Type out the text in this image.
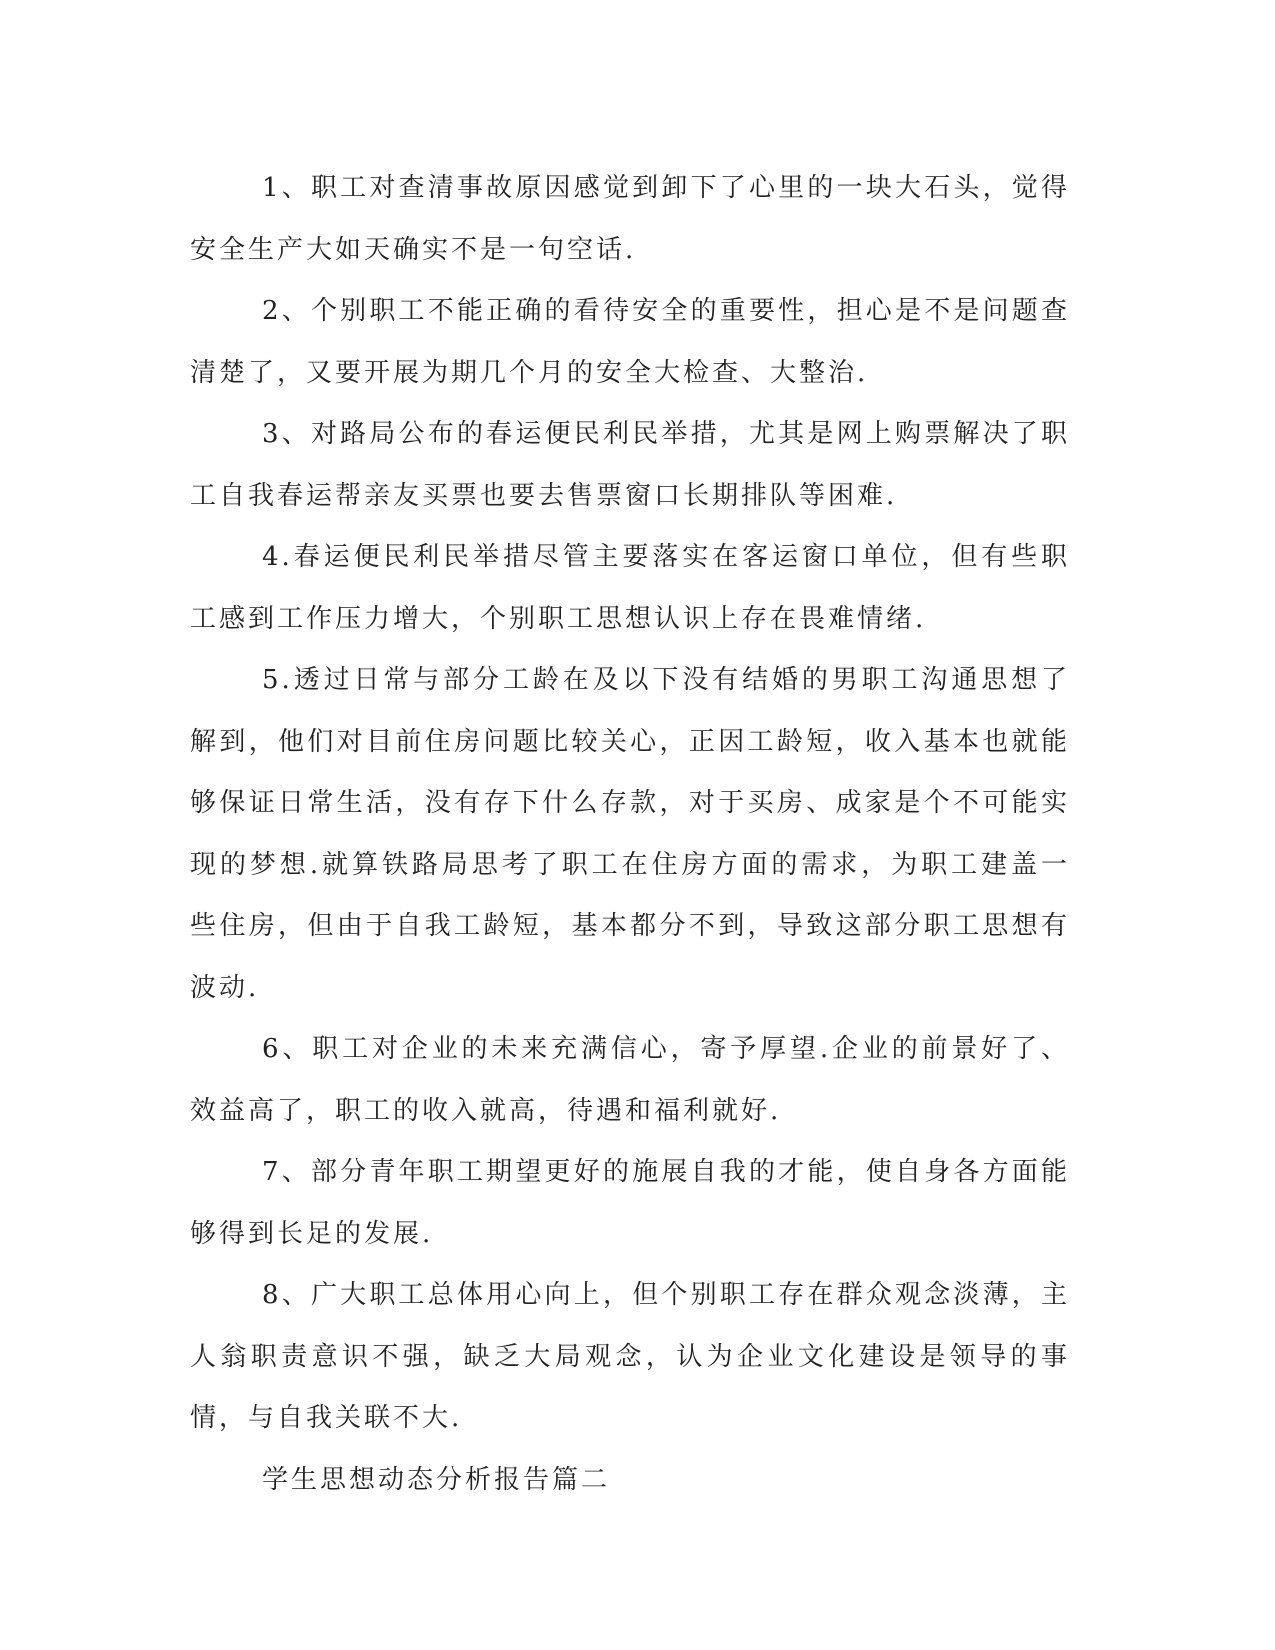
1、职工对查清事故原因感觉到卸下了心里的一块大石头，觉得安全生产大如天确实不是一句空话.

2、个别职工不能正确的看待安全的重要性，担心是不是问题查清楚了，又要开展为期几个月的安全大检查、大整治.

3、对路局公布的春运便民利民举措，尤其是网上购票解决了职工自我春运帮亲友买票也要去售票窗口长期排队等困难.

4.春运便民利民举措尽管主要落实在客运窗口单位，但有些职工感到工作压力增大，个别职工思想认识上存在畏难情绪.

5.透过日常与部分工龄在及以下没有结婚的男职工沟通思想了解到，他们对目前住房问题比较关心，正因工龄短，收入基本也就能够保证日常生活，没有存下什么存款，对于买房、成家是个不可能实现的梦想.就算铁路局思考了职工在住房方面的需求，为职工建盖一些住房，但由于自我工龄短，基本都分不到，导致这部分职工思想有波动.

6、职工对企业的未来充满信心，寄予厚望.企业的前景好了、效益高了，职工的收入就高，待遇和福利就好.

7、部分青年职工期望更好的施展自我的才能，使自身各方面能够得到长足的发展.

8、广大职工总体用心向上，但个别职工存在群众观念淡薄，主人翁职责意识不强，缺乏大局观念，认为企业文化建设是领导的事情，与自我关联不大.

学生思想动态分析报告篇二
